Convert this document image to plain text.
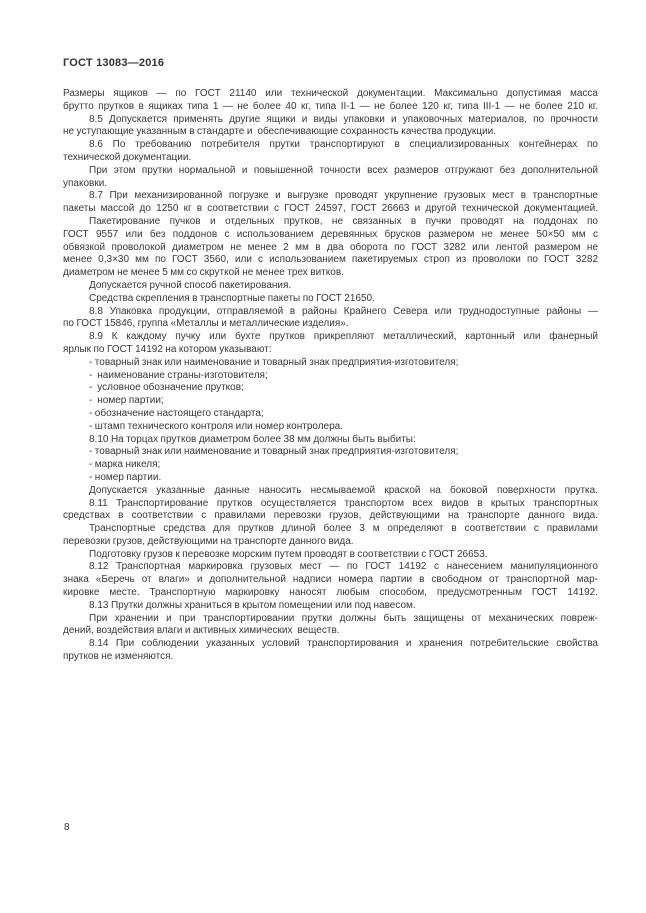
ГОСТ 13083—2016
Размеры ящиков — по ГОСТ 21140 или технической документации. Максимально допустимая масса
брутто прутков в ящиках типа 1 — не более 40 кг, типа II-1 — не более 120 кг, типа III-1 — не более 210 кг.
8.5 Допускается применять другие ящики и виды упаковки и упаковочных материалов, по прочности
не уступающие указанным в стандарте и  обеспечивающие сохранность качества продукции.
8.6 По требованию потребителя прутки транспортируют в специализированных контейнерах по
технической документации.
При этом прутки нормальной и повышенной точности всех размеров отгружают без дополнительной
упаковки.
8.7 При механизированной погрузке и выгрузке проводят укрупнение грузовых мест в транспортные
пакеты массой до 1250 кг в соответствии с ГОСТ 24597, ГОСТ 26663 и другой технической документацией.
Пакетирование пучков и отдельных прутков, не связанных в пучки проводят на поддонах по
ГОСТ 9557 или без поддонов с использованием деревянных брусков размером не менее 50×50 мм с
обвязкой проволокой диаметром не менее 2 мм в два оборота по ГОСТ 3282 или лентой размером не
менее 0,3×30 мм по ГОСТ 3560, или с использованием пакетируемых строп из проволоки по ГОСТ 3282
диаметром не менее 5 мм со скруткой не менее трех витков.
Допускается ручной способ пакетирования.
Средства скрепления в транспортные пакеты по ГОСТ 21650.
8.8 Упаковка продукции, отправляемой в районы Крайнего Севера или труднодоступные районы —
по ГОСТ 15846, группа «Металлы и металлические изделия».
8.9 К каждому пучку или бухте прутков прикрепляют металлический, картонный или фанерный
ярлык по ГОСТ 14192 на котором указывают:
- товарный знак или наименование и товарный знак предприятия-изготовителя;
-  наименование страны-изготовителя;
-  условное обозначение прутков;
-  номер партии;
- обозначение настоящего стандарта;
- штамп технического контроля или номер контролера.
8.10 На торцах прутков диаметром более 38 мм должны быть выбиты:
- товарный знак или наименование и товарный знак предприятия-изготовителя;
- марка никеля;
- номер партии.
Допускается указанные данные наносить несмываемой краской на боковой поверхности прутка.
8.11 Транспортирование прутков осуществляется транспортом всех видов в крытых транспортных
средствах в соответствии с правилами перевозки грузов, действующими на транспорте данного вида.
Транспортные средства для прутков длиной более 3 м определяют в соответствии с правилами
перевозки грузов, действующими на транспорте данного вида.
Подготовку грузов к перевозке морским путем проводят в соответствии с ГОСТ 26653.
8.12 Транспортная маркировка грузовых мест — по ГОСТ 14192 с нанесением манипуляционного
знака «Беречь от влаги» и дополнительной надписи номера партии в свободном от транспортной мар-
кировке месте. Транспортную маркировку наносят любым способом, предусмотренным ГОСТ 14192.
8.13 Прутки должны храниться в крытом помещении или под навесом.
При хранении и при транспортировании прутки должны быть защищены от механических повреж-
дений, воздействия влаги и активных химических  веществ.
8.14 При соблюдении указанных условий транспортирования и хранения потребительские свойства
прутков не изменяются.
8
